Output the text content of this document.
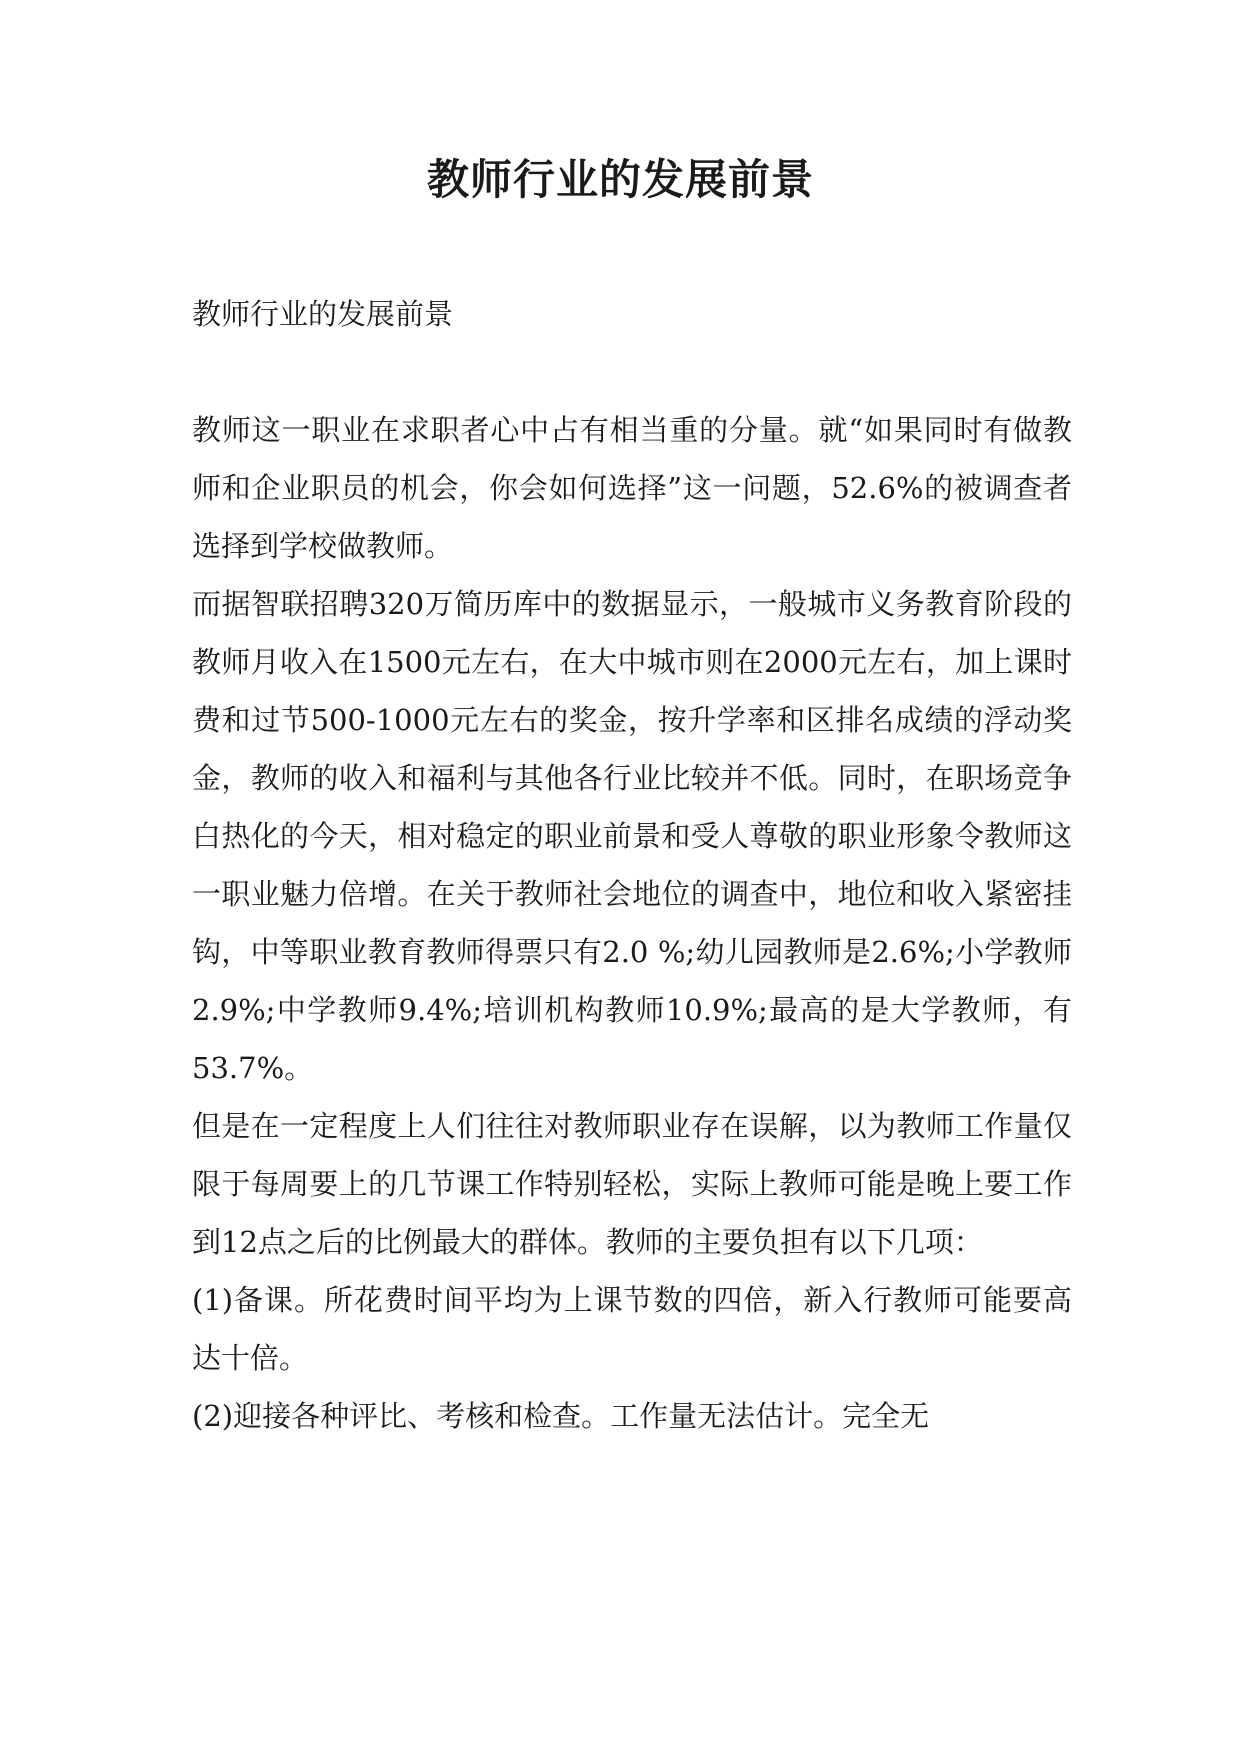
教师行业的发展前景

教师行业的发展前景

教师这一职业在求职者心中占有相当重的分量。就“如果同时有做教师和企业职员的机会，你会如何选择”这一问题，52.6%的被调查者选择到学校做教师。

而据智联招聘320万简历库中的数据显示，一般城市义务教育阶段的教师月收入在1500元左右，在大中城市则在2000元左右，加上课时费和过节500-1000元左右的奖金，按升学率和区排名成绩的浮动奖金，教师的收入和福利与其他各行业比较并不低。同时，在职场竞争白热化的今天，相对稳定的职业前景和受人尊敬的职业形象令教师这一职业魅力倍增。在关于教师社会地位的调查中，地位和收入紧密挂钩，中等职业教育教师得票只有2.0 %;幼儿园教师是2.6%;小学教师2.9%;中学教师9.4%;培训机构教师10.9%;最高的是大学教师，有53.7%。

但是在一定程度上人们往往对教师职业存在误解，以为教师工作量仅限于每周要上的几节课工作特别轻松，实际上教师可能是晚上要工作到12点之后的比例最大的群体。教师的主要负担有以下几项：

(1)备课。所花费时间平均为上课节数的四倍，新入行教师可能要高达十倍。

(2)迎接各种评比、考核和检查。工作量无法估计。完全无
